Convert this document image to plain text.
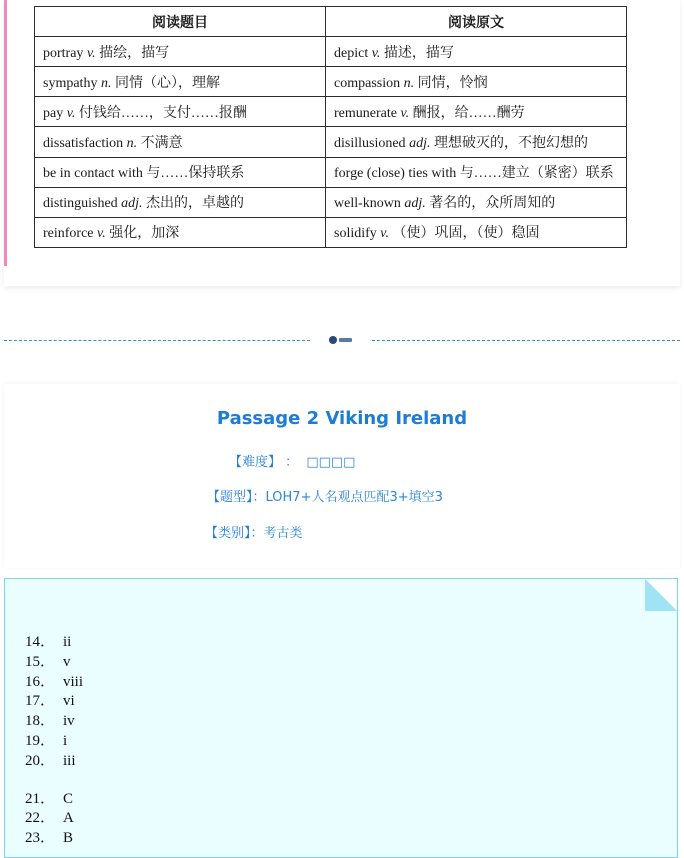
阅读题目	阅读原文
portray v. 描绘，描写	depict v. 描述，描写
sympathy n. 同情（心），理解	compassion n. 同情，怜悯
pay v. 付钱给……，支付……报酬	remunerate v. 酬报，给……酬劳
dissatisfaction n. 不满意	disillusioned adj. 理想破灭的，不抱幻想的
be in contact with 与……保持联系	forge (close) ties with 与……建立（紧密）联系
distinguished adj. 杰出的，卓越的	well-known adj. 著名的，众所周知的
reinforce v. 强化，加深	solidify v. （使）巩固，（使）稳固
Passage 2 Viking Ireland
【难度】 ： □□□□
【题型】：LOH7+人名观点匹配3+填空3
【类别】：考古类
14． ii
15． v
16． viii
17． vi
18． iv
19． i
20． iii
21． C
22． A
23． B
